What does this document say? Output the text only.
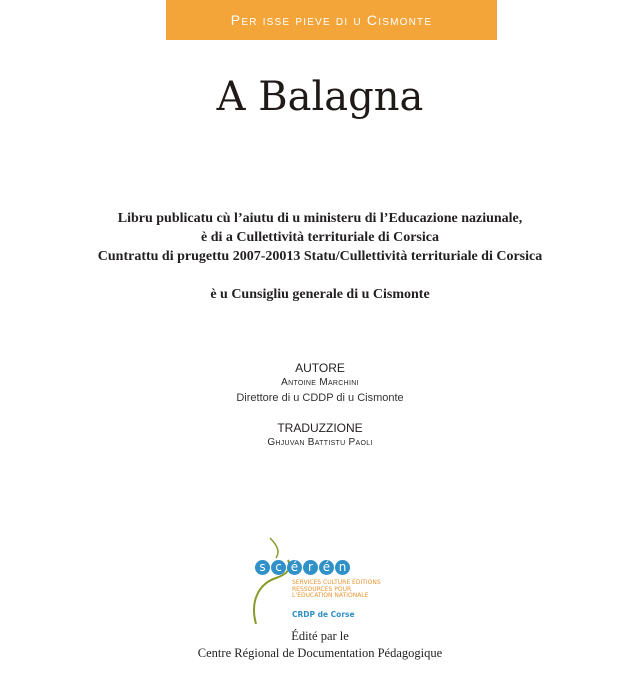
Per isse pieve di u Cismonte
A Balagna
Libru publicatu cù l’aiutu di u ministeru di l’Educazione naziunale,
è di a Cullettività territuriale di Corsica
Cuntrattu di prugettu 2007-20013 Statu/Cullettività territuriale di Corsica
è u Cunsigliu generale di u Cismonte
AUTORE
Antoine Marchini
Direttore di u CDDP di u Cismonte
TRADUZZIONE
Ghjuvan Battistu Paoli
s c é r é n
SERVICES CULTURE ÉDITIONS
RESSOURCES POUR
L’ÉDUCATION NATIONALE
CRDP de Corse
Édité par le
Centre Régional de Documentation Pédagogique
